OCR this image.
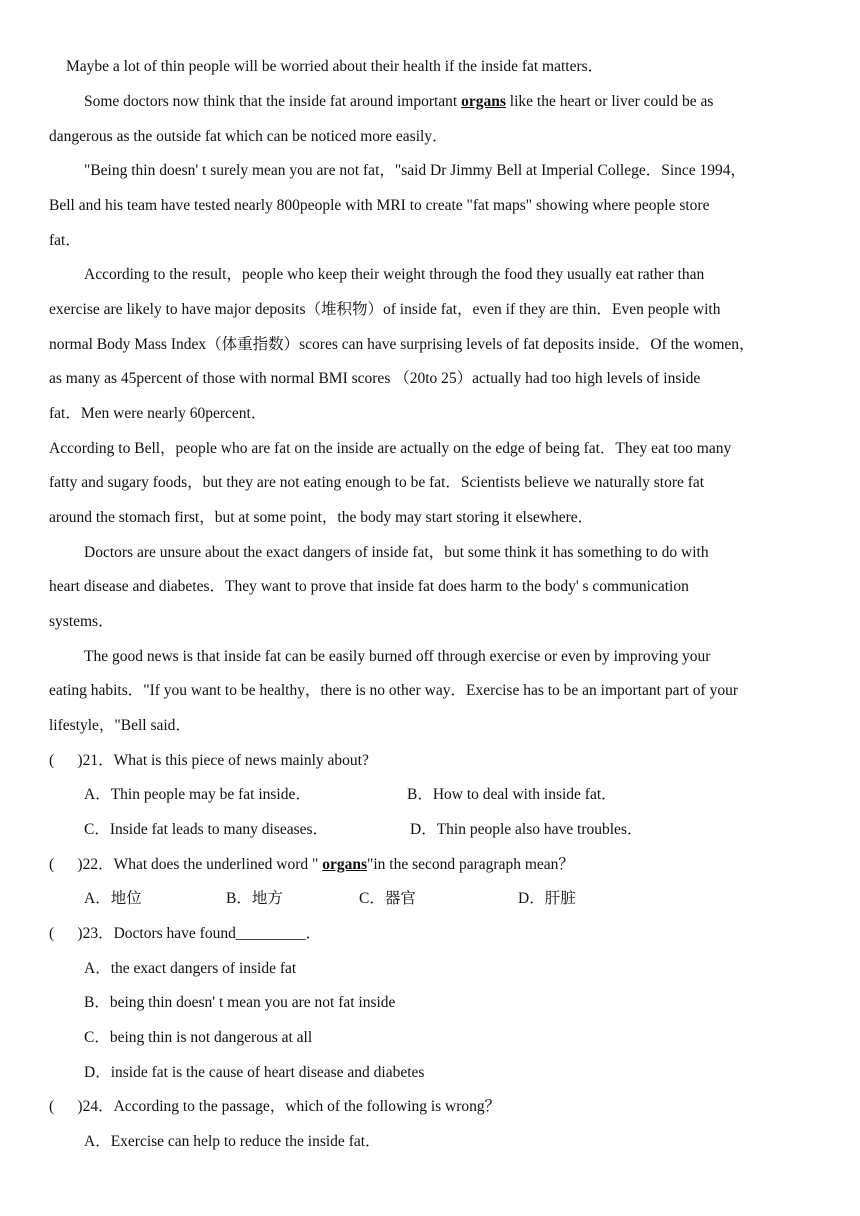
Maybe a lot of thin people will be worried about their health if the inside fat matters．
Some doctors now think that the inside fat around important organs like the heart or liver could be as
dangerous as the outside fat which can be noticed more easily．
"Being thin doesn' t surely mean you are not fat，"said Dr Jimmy Bell at Imperial College．Since 1994，
Bell and his team have tested nearly 800people with MRI to create "fat maps" showing where people store
fat．
According to the result，people who keep their weight through the food they usually eat rather than
exercise are likely to have major deposits（堆积物）of inside fat，even if they are thin．Even people with
normal Body Mass Index（体重指数）scores can have surprising levels of fat deposits inside．Of the women，
as many as 45percent of those with normal BMI scores （20to 25）actually had too high levels of inside
fat．Men were nearly 60percent．
According to Bell，people who are fat on the inside are actually on the edge of being fat．They eat too many
fatty and sugary foods，but they are not eating enough to be fat．Scientists believe we naturally store fat
around the stomach first，but at some point，the body may start storing it elsewhere．
Doctors are unsure about the exact dangers of inside fat，but some think it has something to do with
heart disease and diabetes．They want to prove that inside fat does harm to the body' s communication
systems．
The good news is that inside fat can be easily burned off through exercise or even by improving your
eating habits．"If you want to be healthy，there is no other way．Exercise has to be an important part of your
lifestyle，"Bell said．
(      )21．What is this piece of news mainly about?
A．Thin people may be fat inside．	B．How to deal with inside fat．
C．Inside fat leads to many diseases．	D．Thin people also have troubles．
(      )22．What does the underlined word " organs"in the second paragraph mean？
A．地位	B．地方	C．器官	D．肝脏
(      )23．Doctors have found_________．
A．the exact dangers of inside fat
B．being thin doesn' t mean you are not fat inside
C．being thin is not dangerous at all
D．inside fat is the cause of heart disease and diabetes
(      )24．According to the passage，which of the following is wrong？
A．Exercise can help to reduce the inside fat．
